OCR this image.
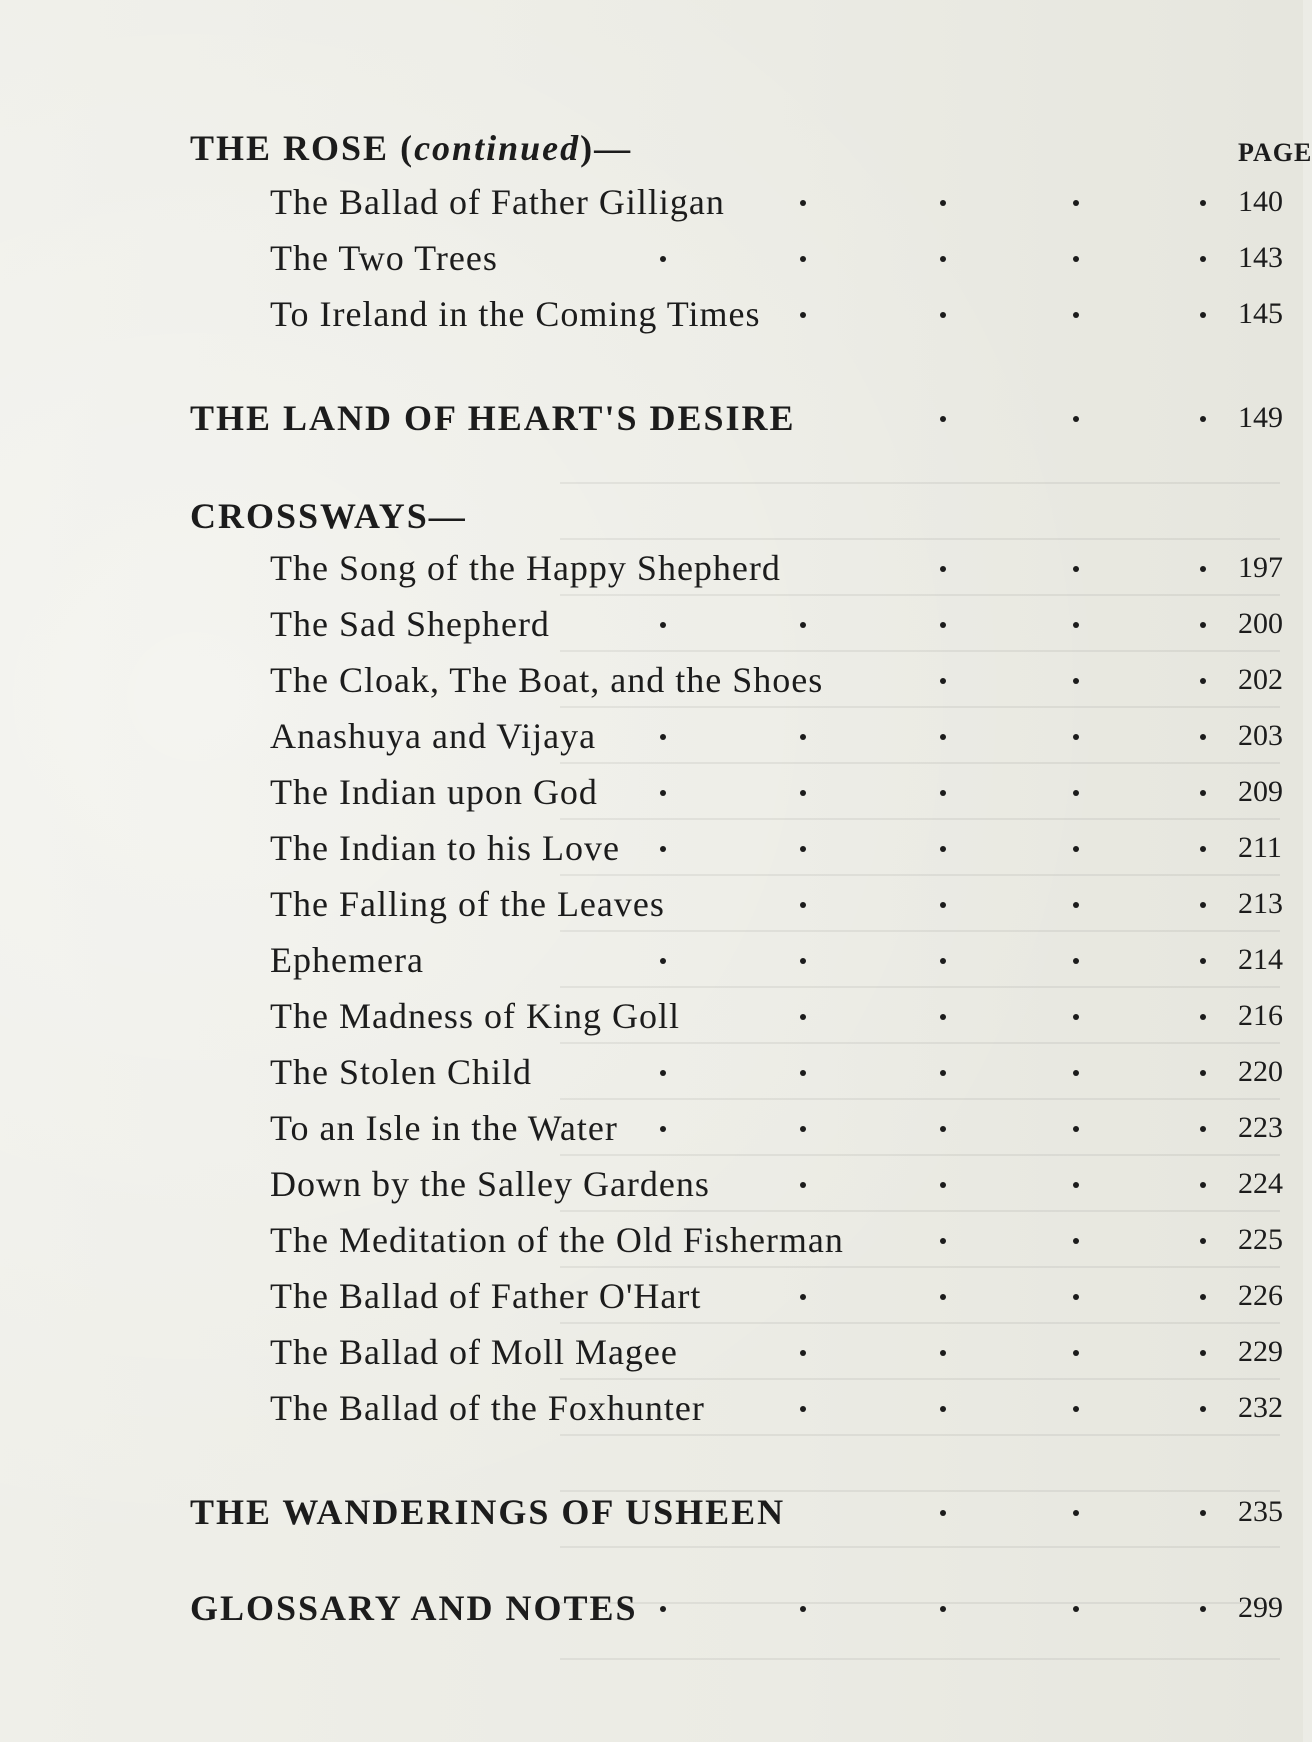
PAGE
THE ROSE (continued)—
The Ballad of Father Gilligan	140
The Two Trees	143
To Ireland in the Coming Times	145
THE LAND OF HEART'S DESIRE	149
CROSSWAYS—
The Song of the Happy Shepherd	197
The Sad Shepherd	200
The Cloak, The Boat, and the Shoes	202
Anashuya and Vijaya	203
The Indian upon God	209
The Indian to his Love	211
The Falling of the Leaves	213
Ephemera	214
The Madness of King Goll	216
The Stolen Child	220
To an Isle in the Water	223
Down by the Salley Gardens	224
The Meditation of the Old Fisherman	225
The Ballad of Father O'Hart	226
The Ballad of Moll Magee	229
The Ballad of the Foxhunter	232
THE WANDERINGS OF USHEEN	235
GLOSSARY AND NOTES	299
